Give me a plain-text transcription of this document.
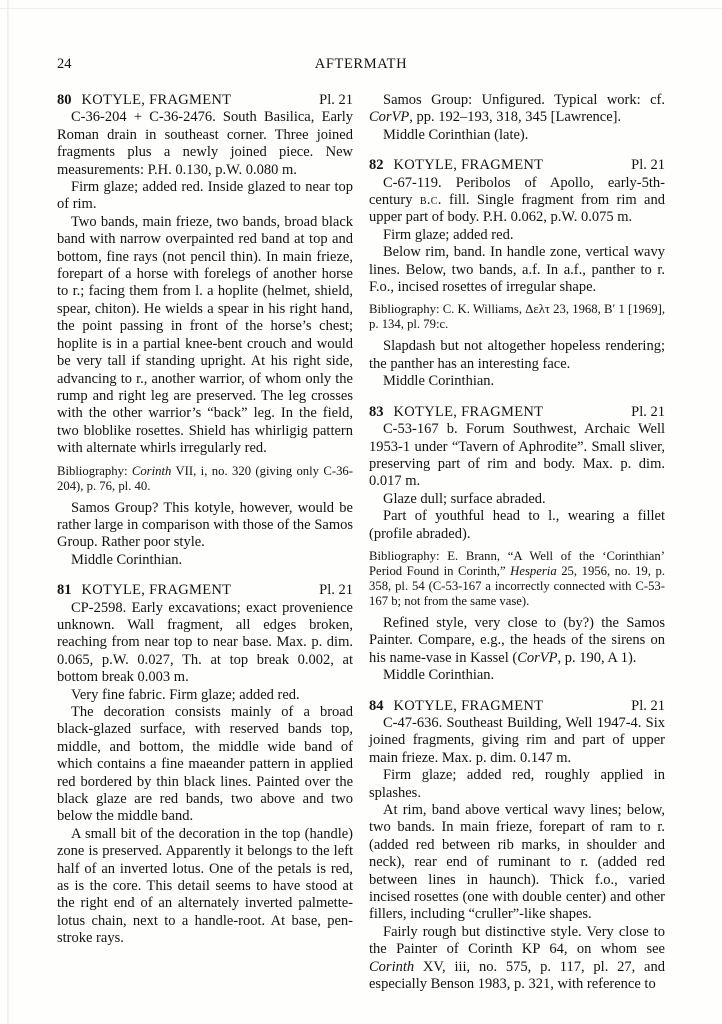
24	AFTERMATH
80 KOTYLE, FRAGMENT	Pl. 21

C-36-204 + C-36-2476. South Basilica, Early Roman drain in southeast corner. Three joined fragments plus a newly joined piece. New measurements: P.H. 0.130, p.W. 0.080 m.

Firm glaze; added red. Inside glazed to near top of rim.

Two bands, main frieze, two bands, broad black band with narrow overpainted red band at top and bottom, fine rays (not pencil thin). In main frieze, forepart of a horse with forelegs of another horse to r.; facing them from l. a hoplite (helmet, shield, spear, chiton). He wields a spear in his right hand, the point passing in front of the horse’s chest; hoplite is in a partial knee-bent crouch and would be very tall if standing upright. At his right side, advancing to r., another warrior, of whom only the rump and right leg are preserved. The leg crosses with the other warrior’s “back” leg. In the field, two bloblike rosettes. Shield has whirligig pattern with alternate whirls irregularly red.

Bibliography: Corinth VII, i, no. 320 (giving only C-36-204), p. 76, pl. 40.

Samos Group? This kotyle, however, would be rather large in comparison with those of the Samos Group. Rather poor style.

Middle Corinthian.

81 KOTYLE, FRAGMENT	Pl. 21

CP-2598. Early excavations; exact provenience unknown. Wall fragment, all edges broken, reaching from near top to near base. Max. p. dim. 0.065, p.W. 0.027, Th. at top break 0.002, at bottom break 0.003 m.

Very fine fabric. Firm glaze; added red.

The decoration consists mainly of a broad black-glazed surface, with reserved bands top, middle, and bottom, the middle wide band of which contains a fine maeander pattern in applied red bordered by thin black lines. Painted over the black glaze are red bands, two above and two below the middle band.

A small bit of the decoration in the top (handle) zone is preserved. Apparently it belongs to the left half of an inverted lotus. One of the petals is red, as is the core. This detail seems to have stood at the right end of an alternately inverted palmette-lotus chain, next to a handle-root. At base, pen-stroke rays.

Samos Group: Unfigured. Typical work: cf. CorVP, pp. 192–193, 318, 345 [Lawrence].

Middle Corinthian (late).

82 KOTYLE, FRAGMENT	Pl. 21

C-67-119. Peribolos of Apollo, early-5th-century b.c. fill. Single fragment from rim and upper part of body. P.H. 0.062, p.W. 0.075 m.

Firm glaze; added red.

Below rim, band. In handle zone, vertical wavy lines. Below, two bands, a.f. In a.f., panther to r. F.o., incised rosettes of irregular shape.

Bibliography: C. K. Williams, Δελτ 23, 1968, Β′ 1 [1969], p. 134, pl. 79:c.

Slapdash but not altogether hopeless rendering; the panther has an interesting face.

Middle Corinthian.

83 KOTYLE, FRAGMENT	Pl. 21

C-53-167 b. Forum Southwest, Archaic Well 1953-1 under “Tavern of Aphrodite”. Small sliver, preserving part of rim and body. Max. p. dim. 0.017 m.

Glaze dull; surface abraded.

Part of youthful head to l., wearing a fillet (profile abraded).

Bibliography: E. Brann, “A Well of the ‘Corinthian’ Period Found in Corinth,” Hesperia 25, 1956, no. 19, p. 358, pl. 54 (C-53-167 a incorrectly connected with C-53-167 b; not from the same vase).

Refined style, very close to (by?) the Samos Painter. Compare, e.g., the heads of the sirens on his name-vase in Kassel (CorVP, p. 190, A 1).

Middle Corinthian.

84 KOTYLE, FRAGMENT	Pl. 21

C-47-636. Southeast Building, Well 1947-4. Six joined fragments, giving rim and part of upper main frieze. Max. p. dim. 0.147 m.

Firm glaze; added red, roughly applied in splashes.

At rim, band above vertical wavy lines; below, two bands. In main frieze, forepart of ram to r. (added red between rib marks, in shoulder and neck), rear end of ruminant to r. (added red between lines in haunch). Thick f.o., varied incised rosettes (one with double center) and other fillers, including “cruller”-like shapes.

Fairly rough but distinctive style. Very close to the Painter of Corinth KP 64, on whom see Corinth XV, iii, no. 575, p. 117, pl. 27, and especially Benson 1983, p. 321, with reference to
